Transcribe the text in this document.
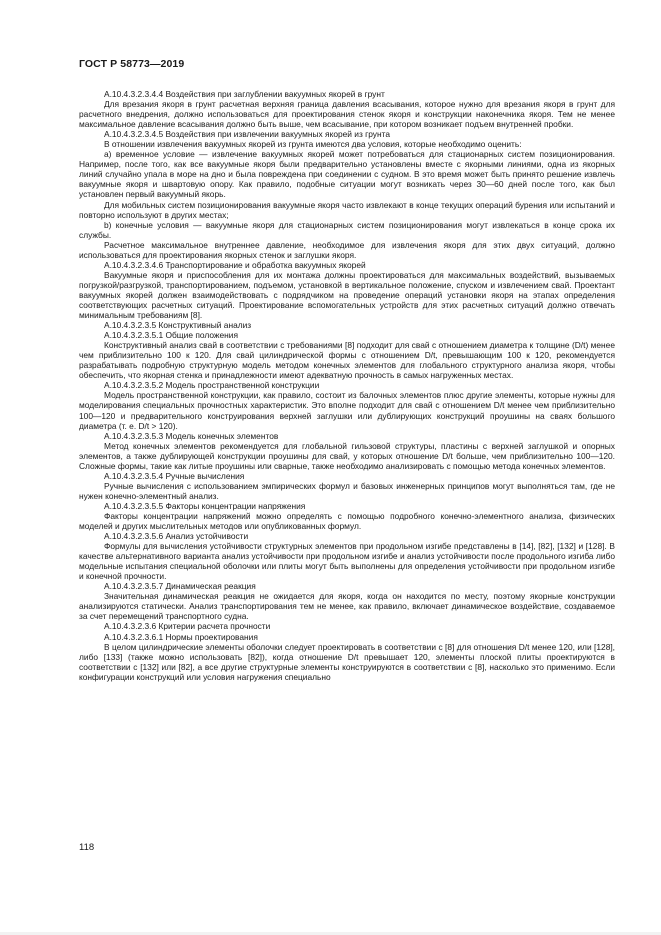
ГОСТ Р 58773—2019

A.10.4.3.2.3.4.4 Воздействия при заглублении вакуумных якорей в грунт

Для врезания якоря в грунт расчетная верхняя граница давления всасывания, которое нужно для врезания якоря в грунт для расчетного внедрения, должно использоваться для проектирования стенок якоря и конструкции наконечника якоря. Тем не менее максимальное давление всасывания должно быть выше, чем всасывание, при котором возникает подъем внутренней пробки.

A.10.4.3.2.3.4.5 Воздействия при извлечении вакуумных якорей из грунта

В отношении извлечения вакуумных якорей из грунта имеются два условия, которые необходимо оценить:

a) временное условие — извлечение вакуумных якорей может потребоваться для стационарных систем позиционирования. Например, после того, как все вакуумные якоря были предварительно установлены вместе с якорными линиями, одна из якорных линий случайно упала в море на дно и была повреждена при соединении с судном. В это время может быть принято решение извлечь вакуумные якоря и швартовую опору. Как правило, подобные ситуации могут возникать через 30—60 дней после того, как был установлен первый вакуумный якорь.

Для мобильных систем позиционирования вакуумные якоря часто извлекают в конце текущих операций бурения или испытаний и повторно используют в других местах;

b) конечные условия — вакуумные якоря для стационарных систем позиционирования могут извлекаться в конце срока их службы.

Расчетное максимальное внутреннее давление, необходимое для извлечения якоря для этих двух ситуаций, должно использоваться для проектирования якорных стенок и заглушки якоря.

A.10.4.3.2.3.4.6 Транспортирование и обработка вакуумных якорей

Вакуумные якоря и приспособления для их монтажа должны проектироваться для максимальных воздействий, вызываемых погрузкой/разгрузкой, транспортированием, подъемом, установкой в вертикальное положение, спуском и извлечением свай. Проектант вакуумных якорей должен взаимодействовать с подрядчиком на проведение операций установки якоря на этапах определения соответствующих расчетных ситуаций. Проектирование вспомогательных устройств для этих расчетных ситуаций должно отвечать минимальным требованиям [8].

A.10.4.3.2.3.5 Конструктивный анализ

A.10.4.3.2.3.5.1 Общие положения

Конструктивный анализ свай в соответствии с требованиями [8] подходит для свай с отношением диаметра к толщине (D/t) менее чем приблизительно 100 к 120. Для свай цилиндрической формы с отношением D/t, превышающим 100 к 120, рекомендуется разрабатывать подробную структурную модель методом конечных элементов для глобального структурного анализа якоря, чтобы обеспечить, что якорная стенка и принадлежности имеют адекватную прочность в самых нагруженных местах.

A.10.4.3.2.3.5.2 Модель пространственной конструкции

Модель пространственной конструкции, как правило, состоит из балочных элементов плюс другие элементы, которые нужны для моделирования специальных прочностных характеристик. Это вполне подходит для свай с отношением D/t менее чем приблизительно 100—120 и предварительного конструирования верхней заглушки или дублирующих конструкций проушины на сваях большого диаметра (т. е. D/t > 120).

A.10.4.3.2.3.5.3 Модель конечных элементов

Метод конечных элементов рекомендуется для глобальной гильзовой структуры, пластины с верхней заглушкой и опорных элементов, а также дублирующей конструкции проушины для свай, у которых отношение D/t больше, чем приблизительно 100—120. Сложные формы, такие как литые проушины или сварные, также необходимо анализировать с помощью метода конечных элементов.

A.10.4.3.2.3.5.4 Ручные вычисления

Ручные вычисления с использованием эмпирических формул и базовых инженерных принципов могут выполняться там, где не нужен конечно-элементный анализ.

A.10.4.3.2.3.5.5 Факторы концентрации напряжения

Факторы концентрации напряжений можно определять с помощью подробного конечно-элементного анализа, физических моделей и других мыслительных методов или опубликованных формул.

A.10.4.3.2.3.5.6 Анализ устойчивости

Формулы для вычисления устойчивости структурных элементов при продольном изгибе представлены в [14], [82], [132] и [128]. В качестве альтернативного варианта анализ устойчивости при продольном изгибе и анализ устойчивости после продольного изгиба либо модельные испытания специальной оболочки или плиты могут быть выполнены для определения устойчивости при продольном изгибе и конечной прочности.

A.10.4.3.2.3.5.7 Динамическая реакция

Значительная динамическая реакция не ожидается для якоря, когда он находится по месту, поэтому якорные конструкции анализируются статически. Анализ транспортирования тем не менее, как правило, включает динамическое воздействие, создаваемое за счет перемещений транспортного судна.

A.10.4.3.2.3.6 Критерии расчета прочности

A.10.4.3.2.3.6.1 Нормы проектирования

В целом цилиндрические элементы оболочки следует проектировать в соответствии с [8] для отношения D/t менее 120, или [128], либо [133] (также можно использовать [82]), когда отношение D/t превышает 120, элементы плоской плиты проектируются в соответствии с [132] или [82], а все другие структурные элементы конструируются в соответствии с [8], насколько это применимо. Если конфигурации конструкций или условия нагружения специально

118
